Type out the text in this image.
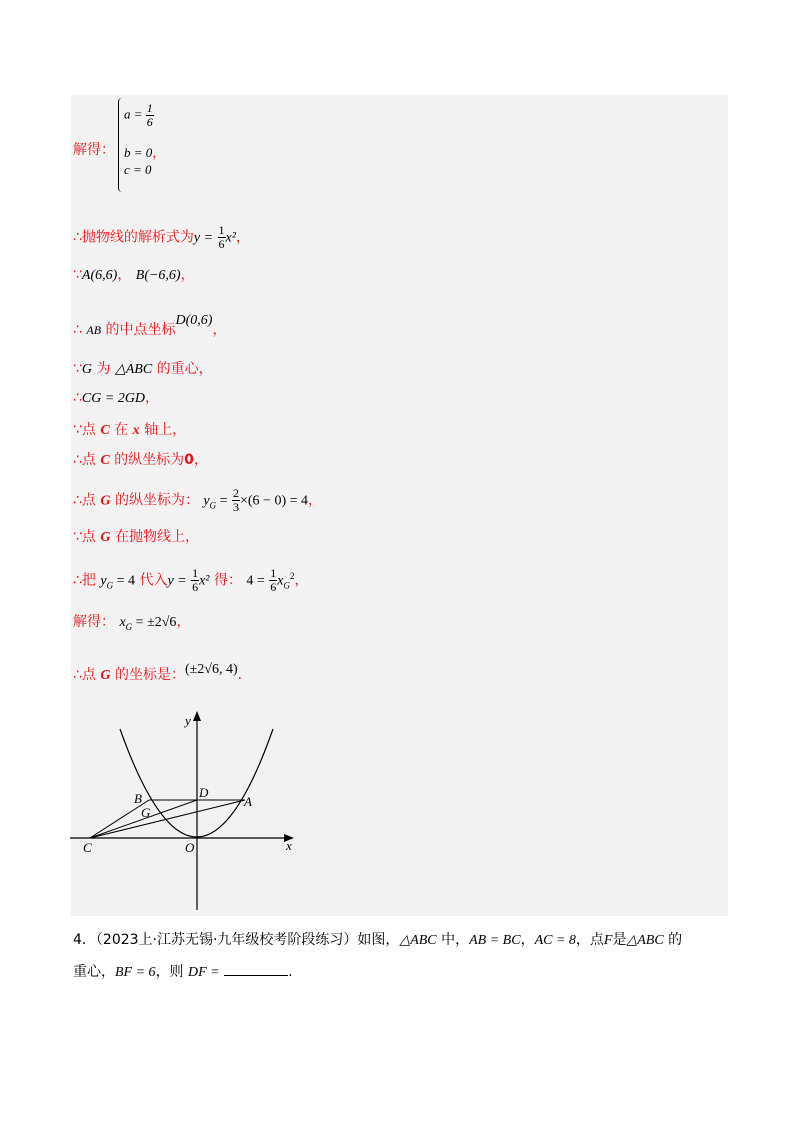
解得：
$a = \frac{1}{6}$
b = 0，
c = 0
∴抛物线的解析式为$y = \frac{1}{6} x^2$，
∵A(6,6)， B(−6,6)，
∴ AB 的中点坐标D(0,6)，
∵G 为 △ABC 的重心，
∴CG = 2GD，
∵点 C 在 x 轴上，
∴点 C 的纵坐标为0，
∴点 G 的纵坐标为： $y_G = \frac{2}{3} \times(6 - 0) = 4$，
∵点 G 在抛物线上，
∴把 $y_G = 4$ 代入$y = \frac{1}{6} x^2$ 得： $4 = \frac{1}{6} x_G^2$，
解得： $x_G = \pm 2√6$，
∴点 G 的坐标是：(±2√6, 4).
y
x
A
B
C
D
G
O
4．（2023上·江苏无锡·九年级校考阶段练习）如图，△ABC 中，AB = BC，AC = 8，点F是△ABC 的
重心，BF = 6，则 DF =	.
